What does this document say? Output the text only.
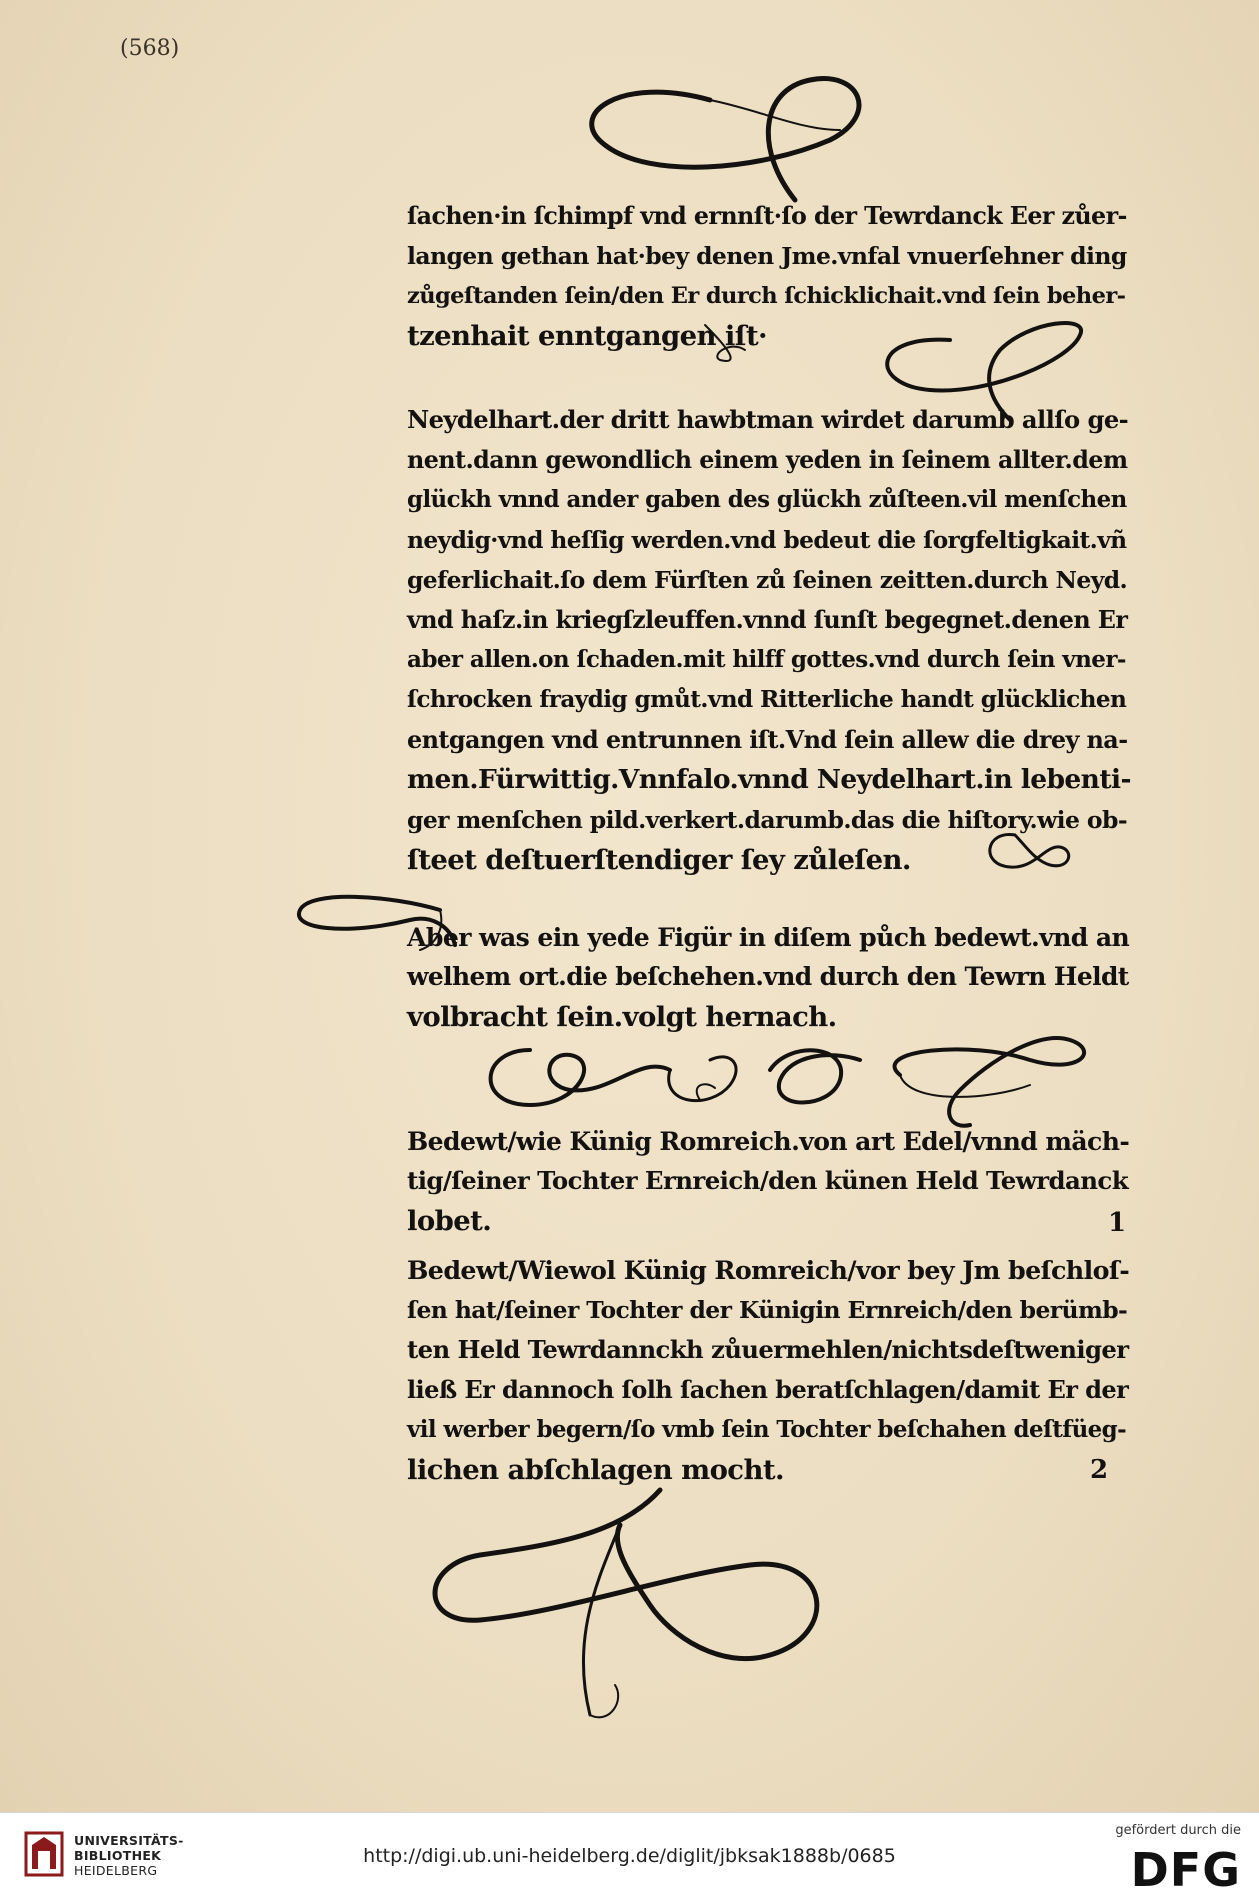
(568)
ſachen·in ſchimpf vnd ernnſt·ſo der Tewrdanck Eer zůer-
langen gethan hat·bey denen Jme.vnfal vnuerſehner ding
zůgeſtanden ſein/den Er durch ſchicklichait.vnd ſein beher-
tzenhait enntgangen iſt·
Neydelhart.der dritt hawbtman wirdet darumb allſo ge-
nent.dann gewondlich einem yeden in ſeinem allter.dem
glückh vnnd ander gaben des glückh zůſteen.vil menſchen
neydig·vnd heſſig werden.vnd bedeut die ſorgfeltigkait.vñ
geferlichait.ſo dem Fürſten zů ſeinen zeitten.durch Neyd.
vnd haſz.in kriegſzleuffen.vnnd ſunſt begegnet.denen Er
aber allen.on ſchaden.mit hilff gottes.vnd durch ſein vner-
ſchrocken fraydig gmůt.vnd Ritterliche handt glücklichen
entgangen vnd entrunnen iſt.Vnd ſein allew die drey na-
men.Fürwittig.Vnnfalo.vnnd Neydelhart.in lebenti-
ger menſchen pild.verkert.darumb.das die hiſtory.wie ob-
ſteet deſtuerſtendiger ſey zůleſen.
Aber was ein yede Figür in diſem půch bedewt.vnd an
welhem ort.die beſchehen.vnd durch den Tewrn Heldt
volbracht ſein.volgt hernach.
Bedewt/wie Künig Romreich.von art Edel/vnnd mäch-
tig/ſeiner Tochter Ernreich/den künen Held Tewrdanck
lobet.	1
Bedewt/Wiewol Künig Romreich/vor bey Jm beſchloſ-
ſen hat/ſeiner Tochter der Künigin Ernreich/den berümb-
ten Held Tewrdannckh zůuermehlen/nichtsdeſtweniger
ließ Er dannoch ſolh ſachen beratſchlagen/damit Er der
vil werber begern/ſo vmb ſein Tochter beſchahen deſtfüeg-
lichen abſchlagen mocht.	2
UNIVERSITÄTS-
BIBLIOTHEK
HEIDELBERG
http://digi.ub.uni-heidelberg.de/diglit/jbksak1888b/0685
gefördert durch die
DFG
